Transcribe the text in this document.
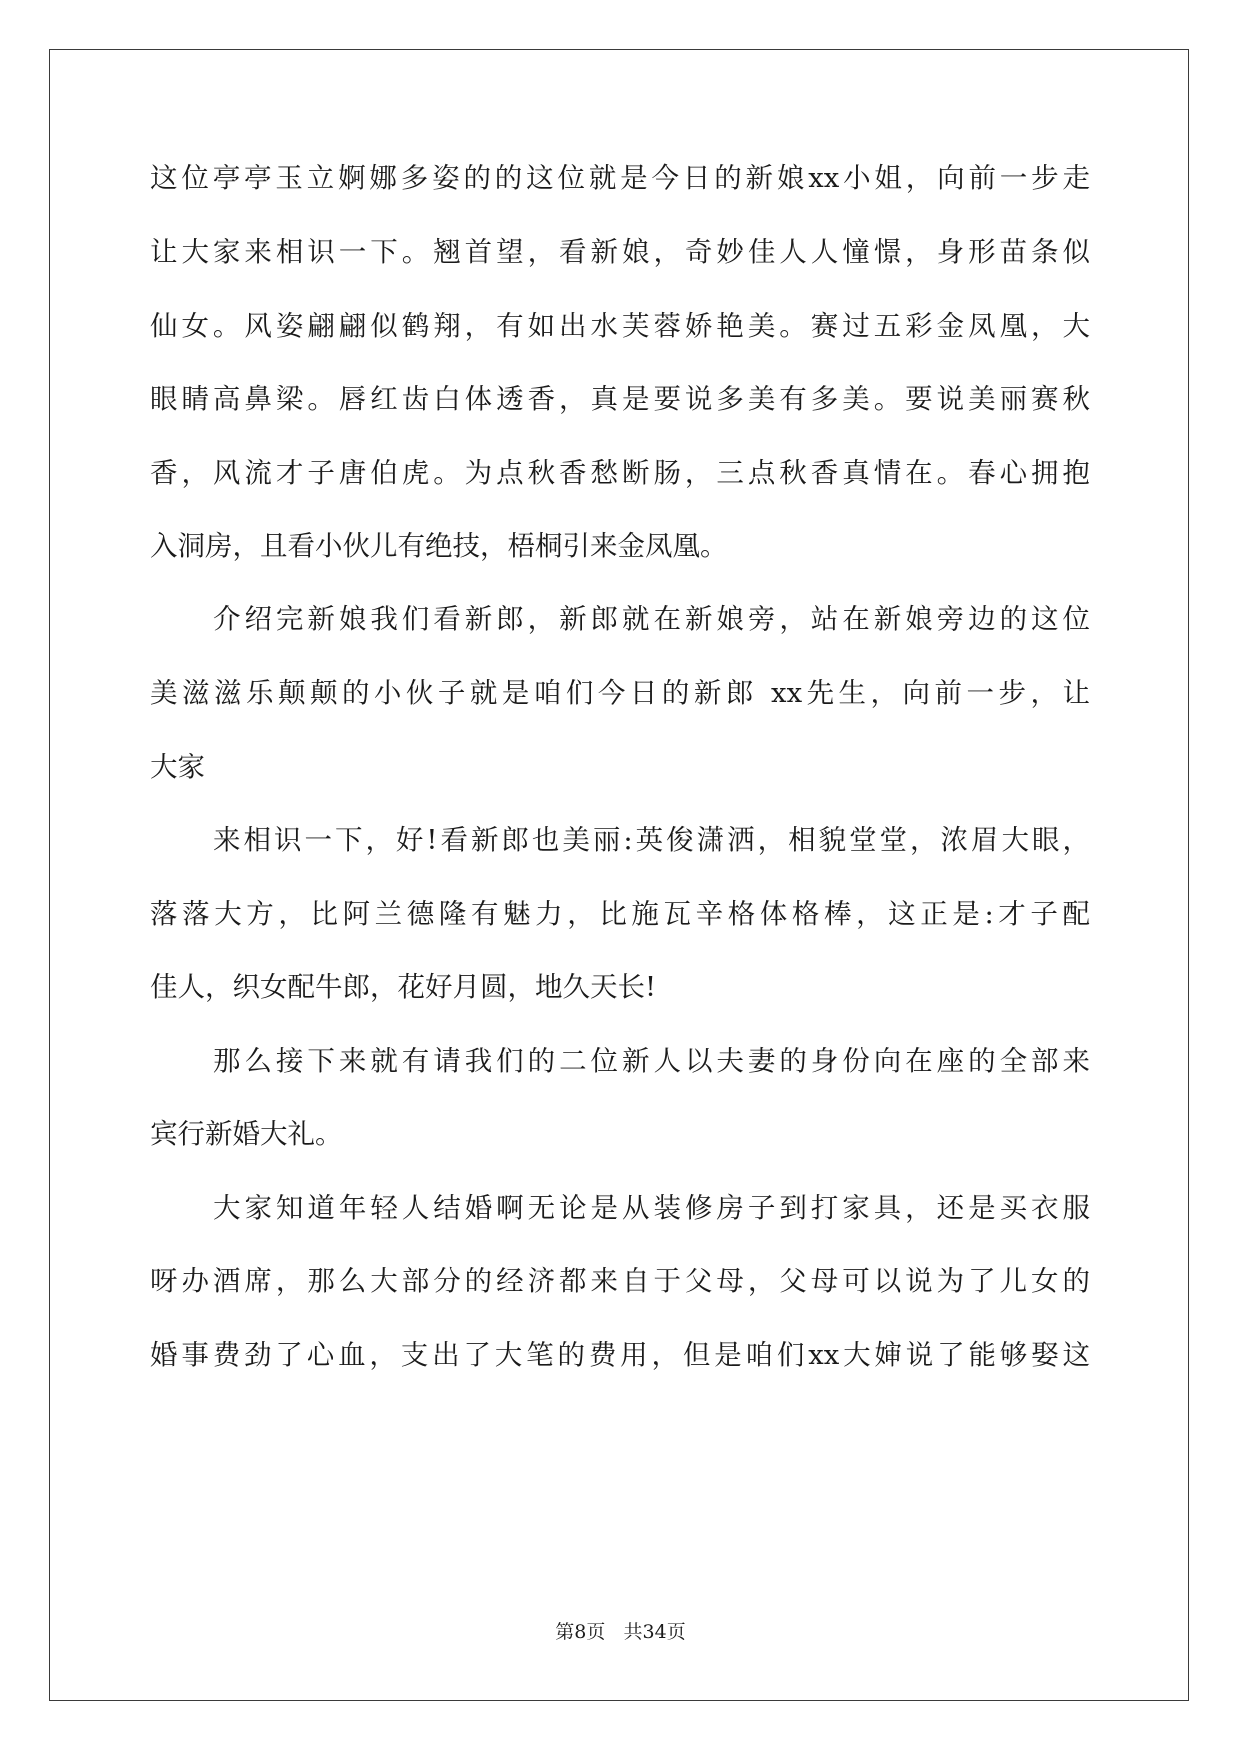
这位亭亭玉立婀娜多姿的的这位就是今日的新娘xx小姐，向前一步走
让大家来相识一下。翘首望，看新娘，奇妙佳人人憧憬，身形苗条似
仙女。风姿翩翩似鹤翔，有如出水芙蓉娇艳美。赛过五彩金凤凰，大
眼睛高鼻梁。唇红齿白体透香，真是要说多美有多美。要说美丽赛秋
香，风流才子唐伯虎。为点秋香愁断肠，三点秋香真情在。春心拥抱
入洞房，且看小伙儿有绝技，梧桐引来金凤凰。
介绍完新娘我们看新郎，新郎就在新娘旁，站在新娘旁边的这位
美滋滋乐颠颠的小伙子就是咱们今日的新郎 xx先生，向前一步，让
大家
来相识一下，好!看新郎也美丽:英俊潇洒，相貌堂堂，浓眉大眼，
落落大方，比阿兰德隆有魅力，比施瓦辛格体格棒，这正是:才子配
佳人，织女配牛郎，花好月圆，地久天长!
那么接下来就有请我们的二位新人以夫妻的身份向在座的全部来
宾行新婚大礼。
大家知道年轻人结婚啊无论是从装修房子到打家具，还是买衣服
呀办酒席，那么大部分的经济都来自于父母，父母可以说为了儿女的
婚事费劲了心血，支出了大笔的费用，但是咱们xx大婶说了能够娶这
第8页 共34页
